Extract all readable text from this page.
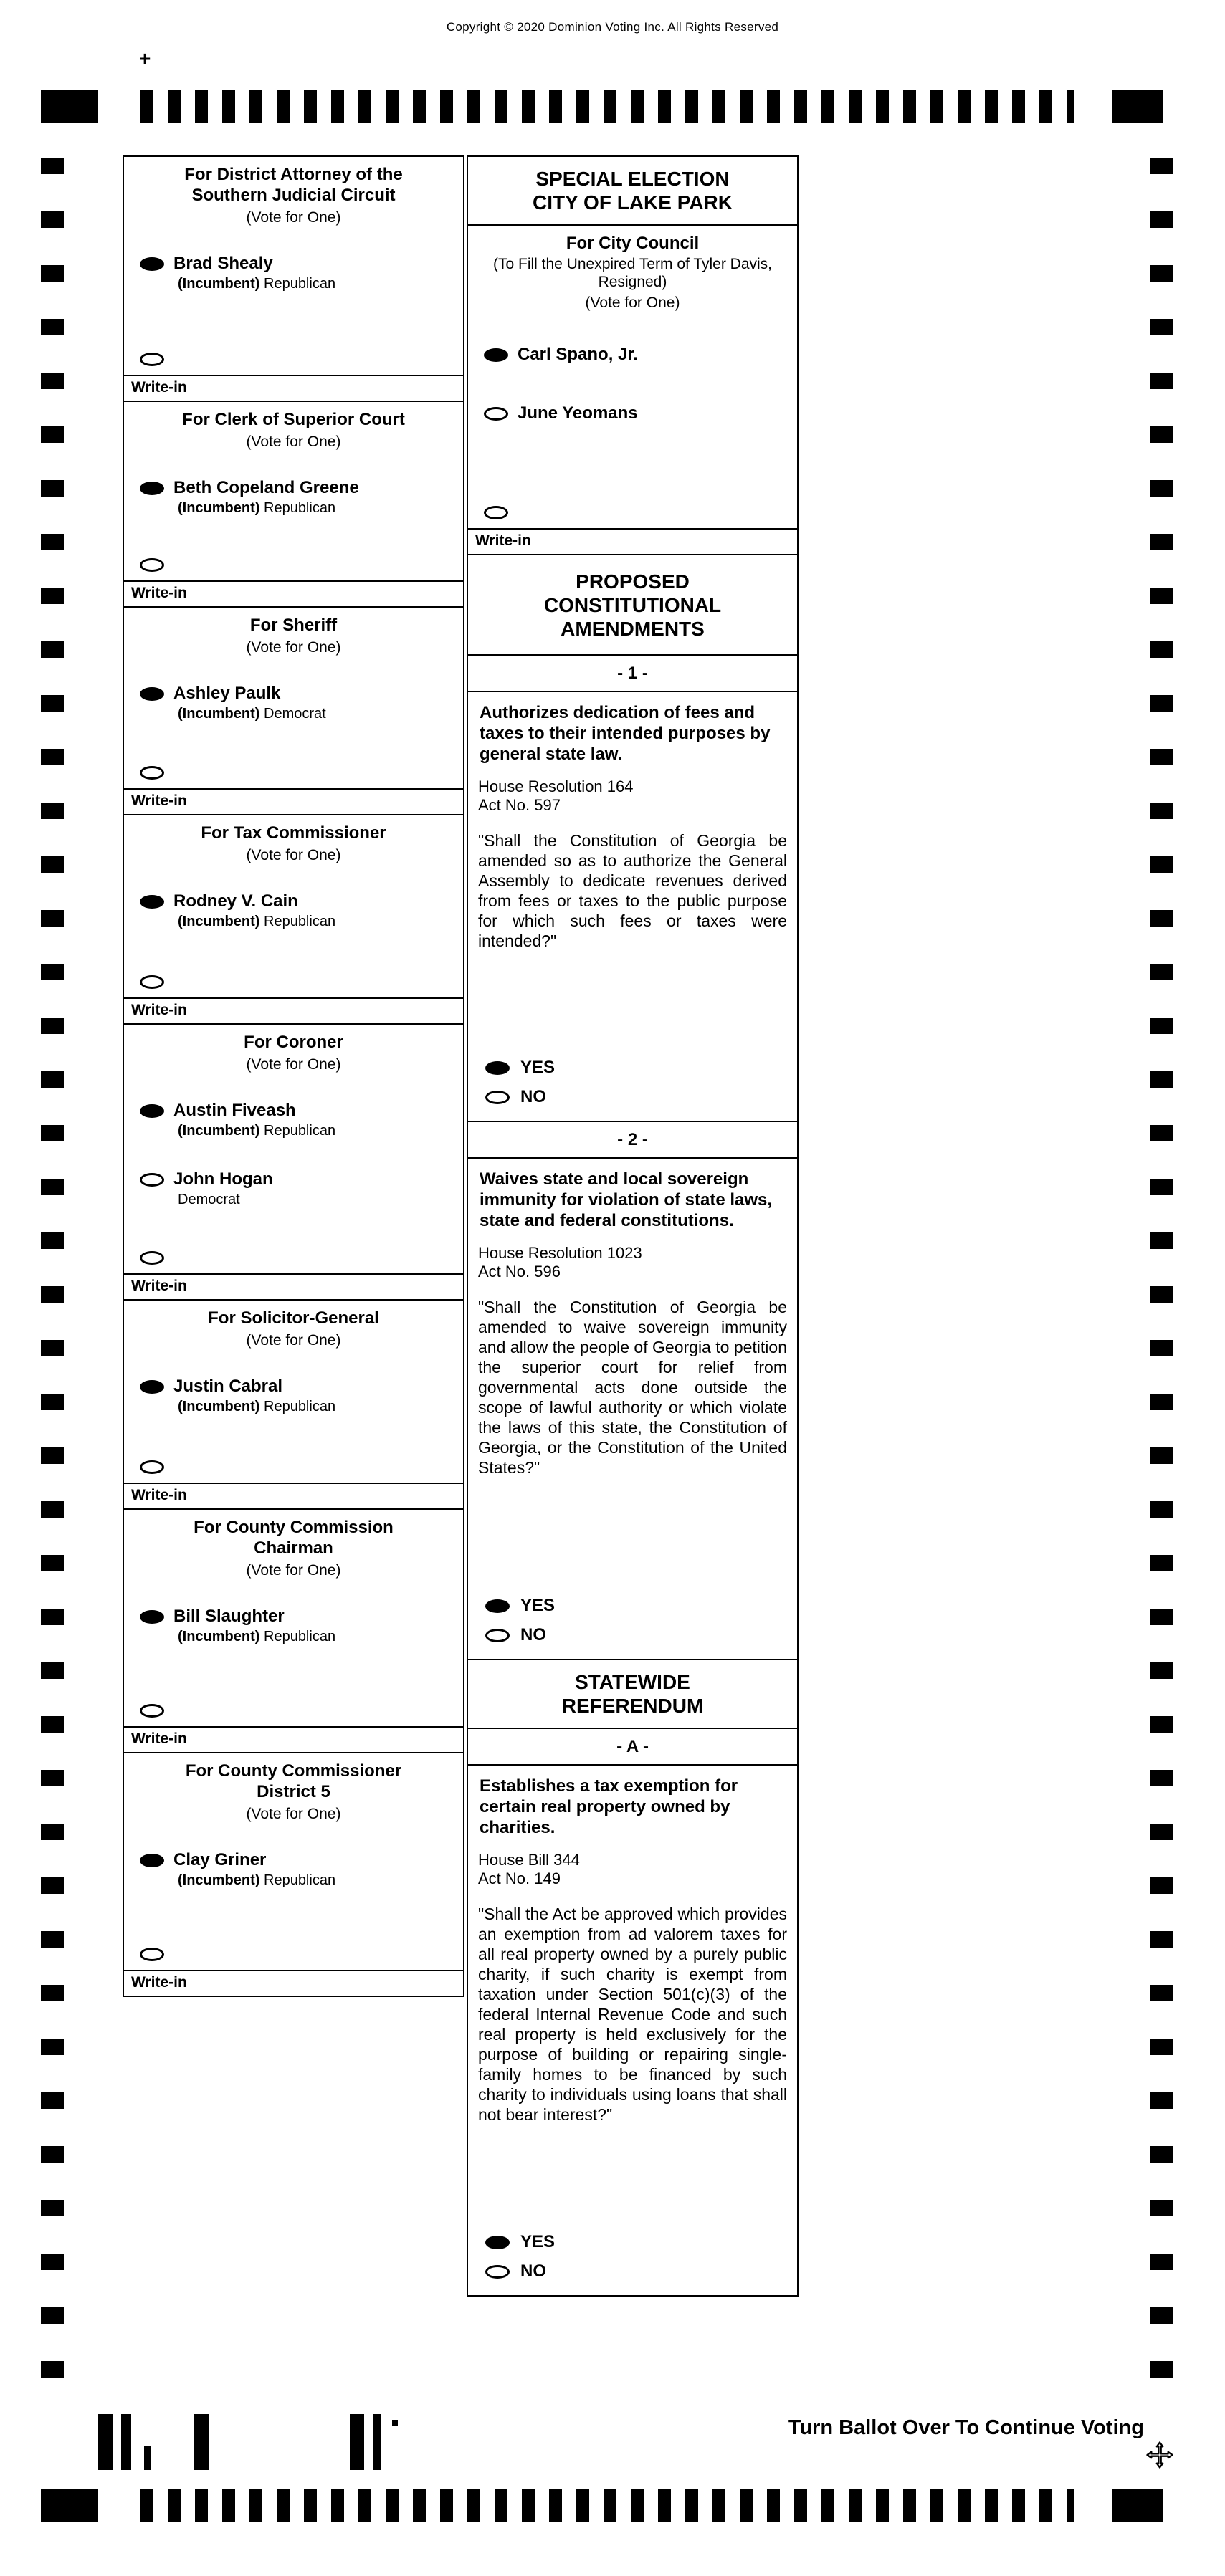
Copyright © 2020 Dominion Voting Inc. All Rights Reserved
+
For District Attorney of the
Southern Judicial Circuit
(Vote for One)
Brad Shealy
(Incumbent) Republican
Write-in
For Clerk of Superior Court
(Vote for One)
Beth Copeland Greene
(Incumbent) Republican
Write-in
For Sheriff
(Vote for One)
Ashley Paulk
(Incumbent) Democrat
Write-in
For Tax Commissioner
(Vote for One)
Rodney V. Cain
(Incumbent) Republican
Write-in
For Coroner
(Vote for One)
Austin Fiveash
(Incumbent) Republican
John Hogan
Democrat
Write-in
For Solicitor-General
(Vote for One)
Justin Cabral
(Incumbent) Republican
Write-in
For County Commission
Chairman
(Vote for One)
Bill Slaughter
(Incumbent) Republican
Write-in
For County Commissioner
District 5
(Vote for One)
Clay Griner
(Incumbent) Republican
Write-in
SPECIAL ELECTION
CITY OF LAKE PARK
For City Council
(To Fill the Unexpired Term of Tyler Davis, Resigned)
(Vote for One)
Carl Spano, Jr.
June Yeomans
Write-in
PROPOSED
CONSTITUTIONAL
AMENDMENTS
- 1 -
Authorizes dedication of fees and taxes to their intended purposes by general state law.
House Resolution 164
Act No. 597
"Shall the Constitution of Georgia be amended so as to authorize the General Assembly to dedicate revenues derived from fees or taxes to the public purpose for which such fees or taxes were intended?"
YES
NO
- 2 -
Waives state and local sovereign immunity for violation of state laws, state and federal constitutions.
House Resolution 1023
Act No. 596
"Shall the Constitution of Georgia be amended to waive sovereign immunity and allow the people of Georgia to petition the superior court for relief from governmental acts done outside the scope of lawful authority or which violate the laws of this state, the Constitution of Georgia, or the Constitution of the United States?"
YES
NO
STATEWIDE
REFERENDUM
- A -
Establishes a tax exemption for certain real property owned by charities.
House Bill 344
Act No. 149
"Shall the Act be approved which provides an exemption from ad valorem taxes for all real property owned by a purely public charity, if such charity is exempt from taxation under Section 501(c)(3) of the federal Internal Revenue Code and such real property is held exclusively for the purpose of building or repairing single-family homes to be financed by such charity to individuals using loans that shall not bear interest?"
YES
NO
Turn Ballot Over To Continue Voting
